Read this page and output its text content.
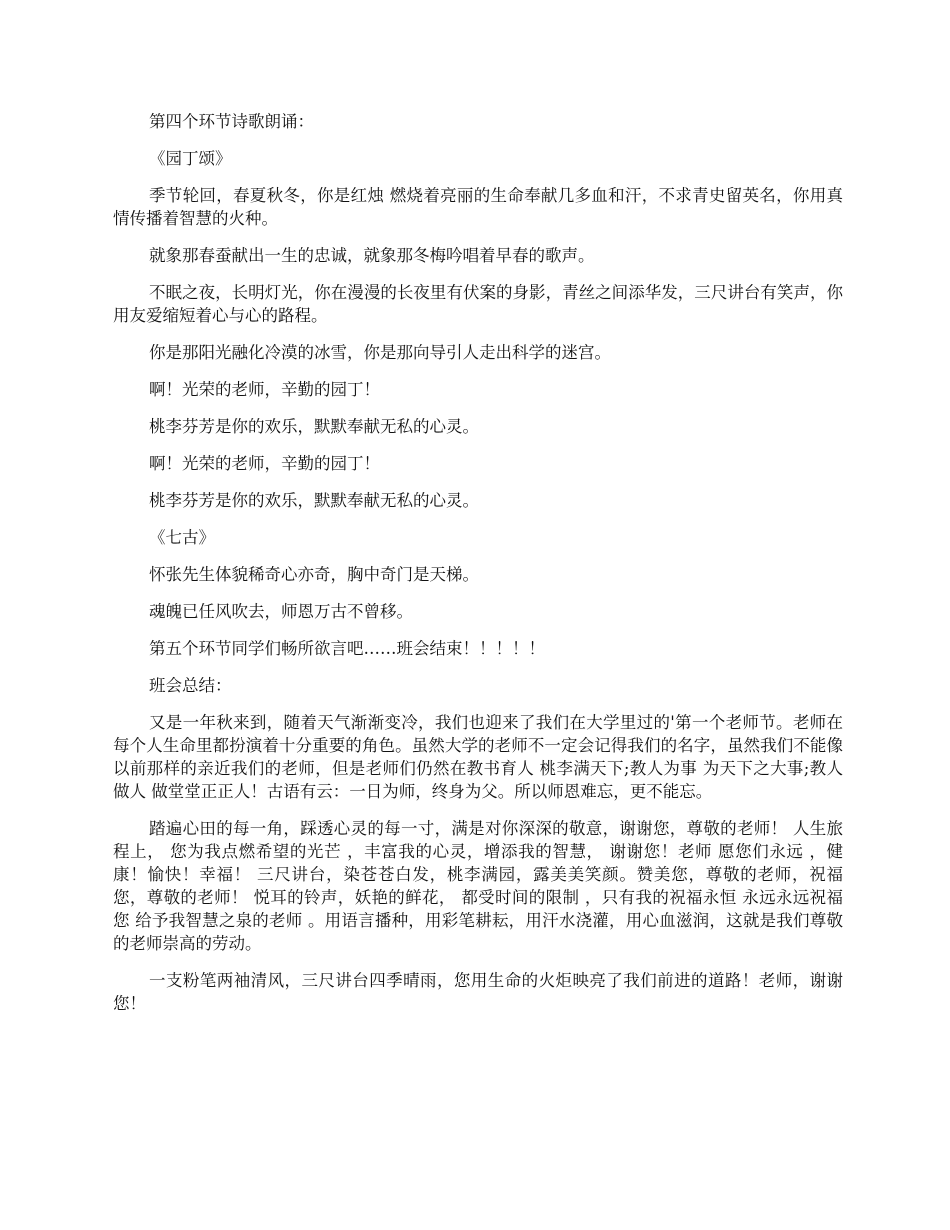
第四个环节诗歌朗诵：

《园丁颂》

季节轮回，春夏秋冬，你是红烛 燃烧着亮丽的生命奉献几多血和汗，不求青史留英名，你用真情传播着智慧的火种。

就象那春蚕献出一生的忠诚，就象那冬梅吟唱着早春的歌声。

不眠之夜，长明灯光，你在漫漫的长夜里有伏案的身影，青丝之间添华发，三尺讲台有笑声，你用友爱缩短着心与心的路程。

你是那阳光融化冷漠的冰雪，你是那向导引人走出科学的迷宫。

啊！光荣的老师，辛勤的园丁！

桃李芬芳是你的欢乐，默默奉献无私的心灵。

啊！光荣的老师，辛勤的园丁！

桃李芬芳是你的欢乐，默默奉献无私的心灵。

《七古》

怀张先生体貌稀奇心亦奇，胸中奇门是天梯。

魂魄已任风吹去，师恩万古不曾移。

第五个环节同学们畅所欲言吧……班会结束！！！！！

班会总结：

又是一年秋来到，随着天气渐渐变冷，我们也迎来了我们在大学里过的'第一个老师节。老师在每个人生命里都扮演着十分重要的角色。虽然大学的老师不一定会记得我们的名字，虽然我们不能像以前那样的亲近我们的老师，但是老师们仍然在教书育人 桃李满天下;教人为事 为天下之大事;教人做人 做堂堂正正人！古语有云：一日为师，终身为父。所以师恩难忘，更不能忘。

踏遍心田的每一角，踩透心灵的每一寸，满是对你深深的敬意，谢谢您，尊敬的老师！ 人生旅程上， 您为我点燃希望的光芒 ，丰富我的心灵，增添我的智慧， 谢谢您！老师 愿您们永远 ，健康！愉快！幸福！ 三尺讲台，染苍苍白发，桃李满园，露美美笑颜。赞美您，尊敬的老师，祝福您，尊敬的老师！ 悦耳的铃声，妖艳的鲜花， 都受时间的限制 ，只有我的祝福永恒 永远永远祝福您 给予我智慧之泉的老师 。用语言播种，用彩笔耕耘，用汗水浇灌，用心血滋润，这就是我们尊敬的老师崇高的劳动。

一支粉笔两袖清风，三尺讲台四季晴雨，您用生命的火炬映亮了我们前进的道路！老师，谢谢您！
